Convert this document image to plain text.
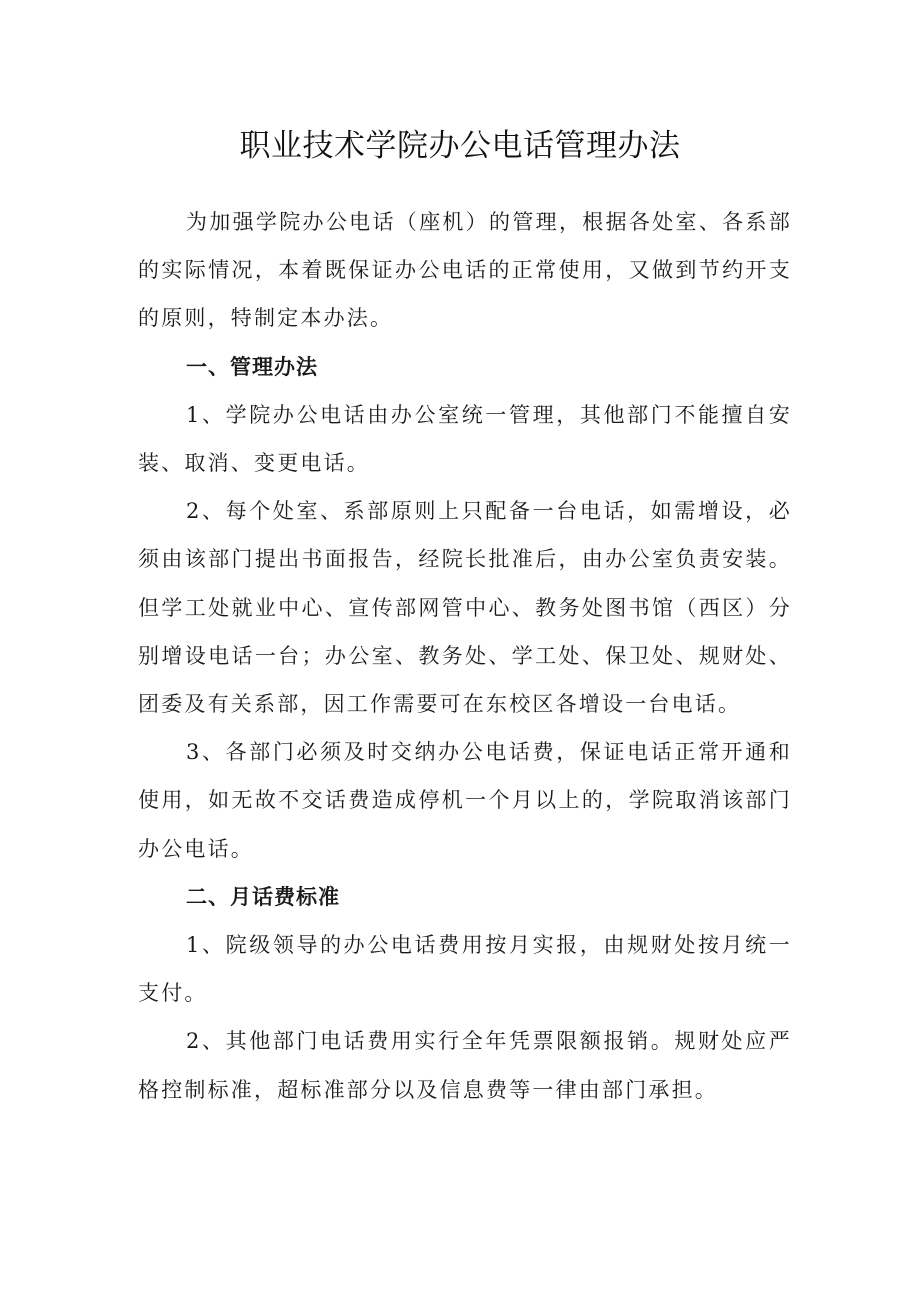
职业技术学院办公电话管理办法

为加强学院办公电话（座机）的管理，根据各处室、各系部的实际情况，本着既保证办公电话的正常使用，又做到节约开支的原则，特制定本办法。

一、管理办法

1、学院办公电话由办公室统一管理，其他部门不能擅自安装、取消、变更电话。

2、每个处室、系部原则上只配备一台电话，如需增设，必须由该部门提出书面报告，经院长批准后，由办公室负责安装。但学工处就业中心、宣传部网管中心、教务处图书馆（西区）分别增设电话一台；办公室、教务处、学工处、保卫处、规财处、团委及有关系部，因工作需要可在东校区各增设一台电话。

3、各部门必须及时交纳办公电话费，保证电话正常开通和使用，如无故不交话费造成停机一个月以上的，学院取消该部门办公电话。

二、月话费标准

1、院级领导的办公电话费用按月实报，由规财处按月统一支付。

2、其他部门电话费用实行全年凭票限额报销。规财处应严格控制标准，超标准部分以及信息费等一律由部门承担。
